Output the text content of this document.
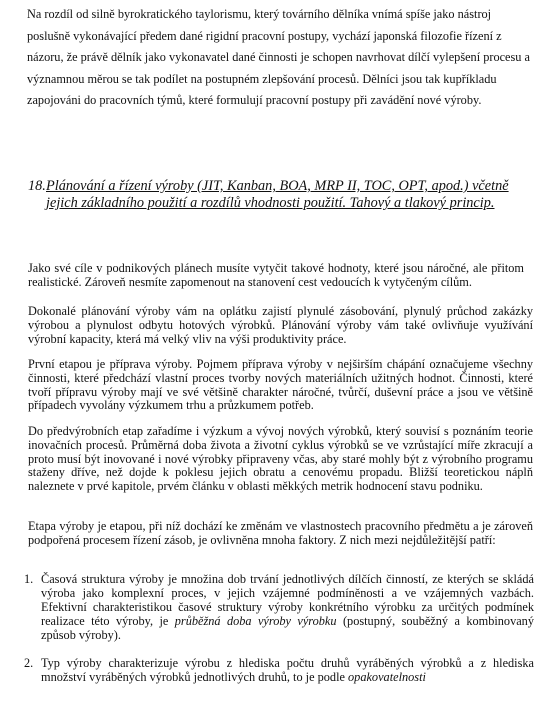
Na rozdíl od silně byrokratického taylorismu, který továrního dělníka vnímá spíše jako nástroj poslušně vykonávající předem dané rigidní pracovní postupy, vychází japonská filozofie řízení z názoru, že právě dělník jako vykonavatel dané činnosti je schopen navrhovat dílčí vylepšení procesu a významnou měrou se tak podílet na postupném zlepšování procesů. Dělníci jsou tak kupříkladu zapojováni do pracovních týmů, které formulují pracovní postupy při zavádění nové výroby.

18. Plánování a řízení výroby (JIT, Kanban, BOA, MRP II, TOC, OPT, apod.) včetně jejich základního použití a rozdílů vhodnosti použití. Tahový a tlakový princip.

Jako své cíle v podnikových plánech musíte vytyčit takové hodnoty, které jsou náročné, ale přitom realistické. Zároveň nesmíte zapomenout na stanovení cest vedoucích k vytyčeným cílům.

Dokonalé plánování výroby vám na oplátku zajistí plynulé zásobování, plynulý průchod zakázky výrobou a plynulost odbytu hotových výrobků. Plánování výroby vám také ovlivňuje využívání výrobní kapacity, která má velký vliv na výši produktivity práce.

První etapou je příprava výroby. Pojmem příprava výroby v nejširším chápání označujeme všechny činnosti, které předchází vlastní proces tvorby nových materiálních užitných hodnot. Činnosti, které tvoří přípravu výroby mají ve své většině charakter náročné, tvůrčí, duševní práce a jsou ve většině případech vyvolány výzkumem trhu a průzkumem potřeb.

Do předvýrobních etap zařadíme i výzkum a vývoj nových výrobků, který souvisí s poznáním teorie inovačních procesů. Průměrná doba života a životní cyklus výrobků se ve vzrůstající míře zkracují a proto musí být inovované i nové výrobky připraveny včas, aby staré mohly být z výrobního programu staženy dříve, než dojde k poklesu jejich obratu a cenovému propadu. Bližší teoretickou náplň naleznete v prvé kapitole, prvém článku v oblasti měkkých metrik hodnocení stavu podniku.

Etapa výroby je etapou, při níž dochází ke změnám ve vlastnostech pracovního předmětu a je zároveň podpořená procesem řízení zásob, je ovlivněna mnoha faktory. Z nich mezi nejdůležitější patří:

1. Časová struktura výroby je množina dob trvání jednotlivých dílčích činností, ze kterých se skládá výroba jako komplexní proces, v jejich vzájemné podmíněnosti a ve vzájemných vazbách. Efektivní charakteristikou časové struktury výroby konkrétního výrobku za určitých podmínek realizace této výroby, je průběžná doba výroby výrobku (postupný, souběžný a kombinovaný způsob výroby).
2. Typ výroby charakterizuje výrobu z hlediska počtu druhů vyráběných výrobků a z hlediska množství vyráběných výrobků jednotlivých druhů, to je podle opakovatelnosti
